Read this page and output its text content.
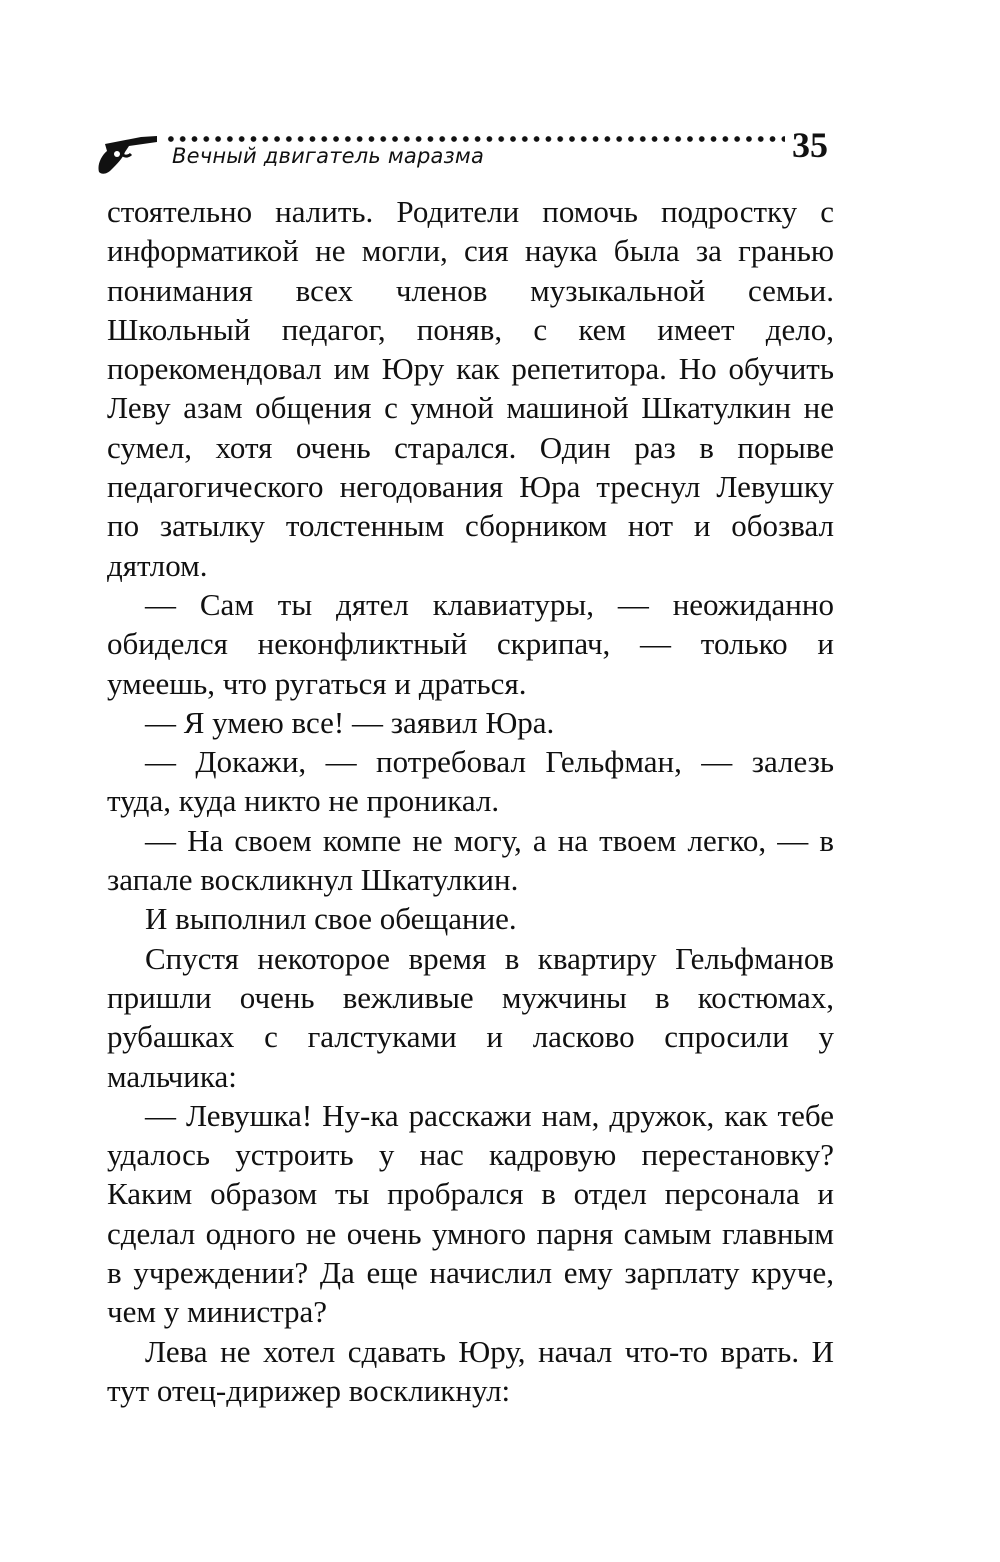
Вечный двигатель маразма	35

стоятельно налить. Родители помочь подростку с информатикой не могли, сия наука была за гранью понимания всех членов музыкальной семьи. Школьный педагог, поняв, с кем имеет дело, порекомендовал им Юру как репетитора. Но обучить Леву азам общения с умной машиной Шкатулкин не сумел, хотя очень старался. Один раз в порыве педагогического негодования Юра треснул Левушку по затылку толстенным сборником нот и обозвал дятлом.

— Сам ты дятел клавиатуры, — неожиданно обиделся неконфликтный скрипач, — только и умеешь, что ругаться и драться.

— Я умею все! — заявил Юра.

— Докажи, — потребовал Гельфман, — залезь туда, куда никто не проникал.

— На своем компе не могу, а на твоем легко, — в запале воскликнул Шкатулкин.

И выполнил свое обещание.

Спустя некоторое время в квартиру Гельфманов пришли очень вежливые мужчины в костюмах, рубашках с галстуками и ласково спросили у мальчика:

— Левушка! Ну-ка расскажи нам, дружок, как тебе удалось устроить у нас кадровую перестановку? Каким образом ты пробрался в отдел персонала и сделал одного не очень умного парня самым главным в учреждении? Да еще начислил ему зарплату круче, чем у министра?

Лева не хотел сдавать Юру, начал что-то врать. И тут отец-дирижер воскликнул:
